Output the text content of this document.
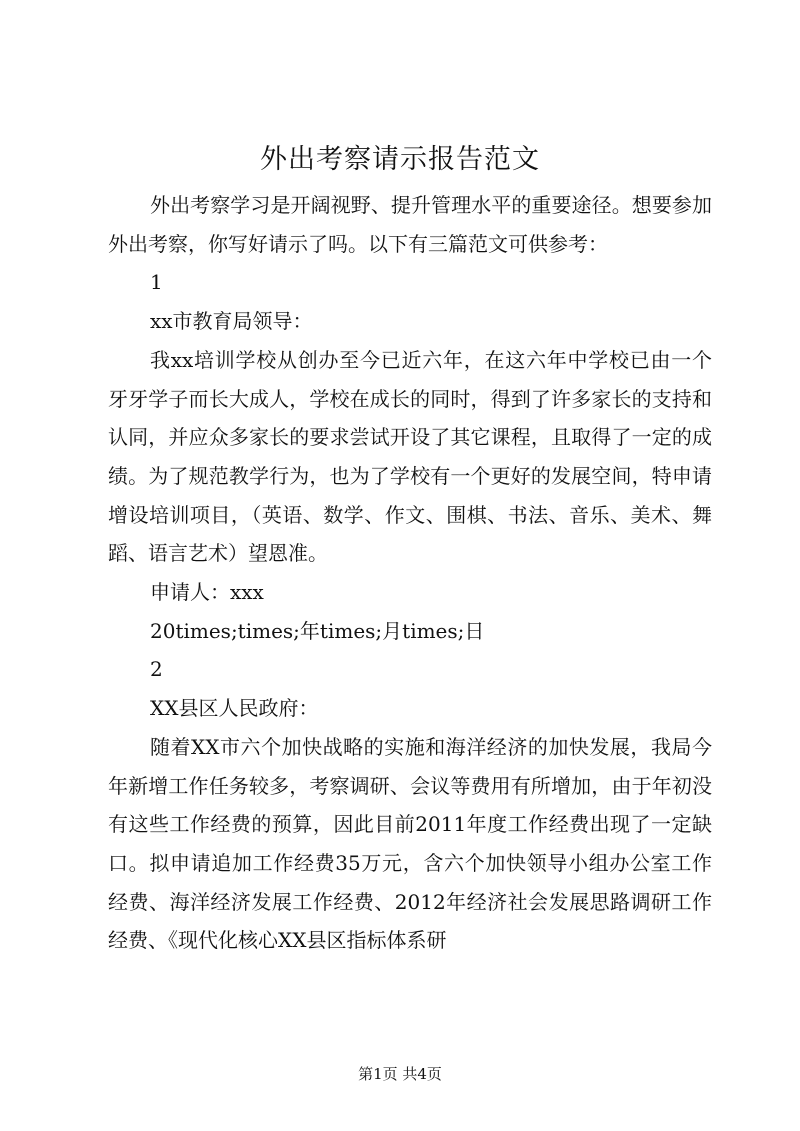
外出考察请示报告范文

外出考察学习是开阔视野、提升管理水平的重要途径。想要参加外出考察，你写好请示了吗。以下有三篇范文可供参考：

1

xx市教育局领导：

我xx培训学校从创办至今已近六年，在这六年中学校已由一个牙牙学子而长大成人，学校在成长的同时，得到了许多家长的支持和认同，并应众多家长的要求尝试开设了其它课程，且取得了一定的成绩。为了规范教学行为，也为了学校有一个更好的发展空间，特申请增设培训项目，（英语、数学、作文、围棋、书法、音乐、美术、舞蹈、语言艺术）望恩准。

申请人：xxx

20times;times;年times;月times;日

2

XX县区人民政府：

随着XX市六个加快战略的实施和海洋经济的加快发展，我局今年新增工作任务较多，考察调研、会议等费用有所增加，由于年初没有这些工作经费的预算，因此目前2011年度工作经费出现了一定缺口。拟申请追加工作经费35万元，含六个加快领导小组办公室工作经费、海洋经济发展工作经费、2012年经济社会发展思路调研工作经费、《现代化核心XX县区指标体系研

第1页 共4页
